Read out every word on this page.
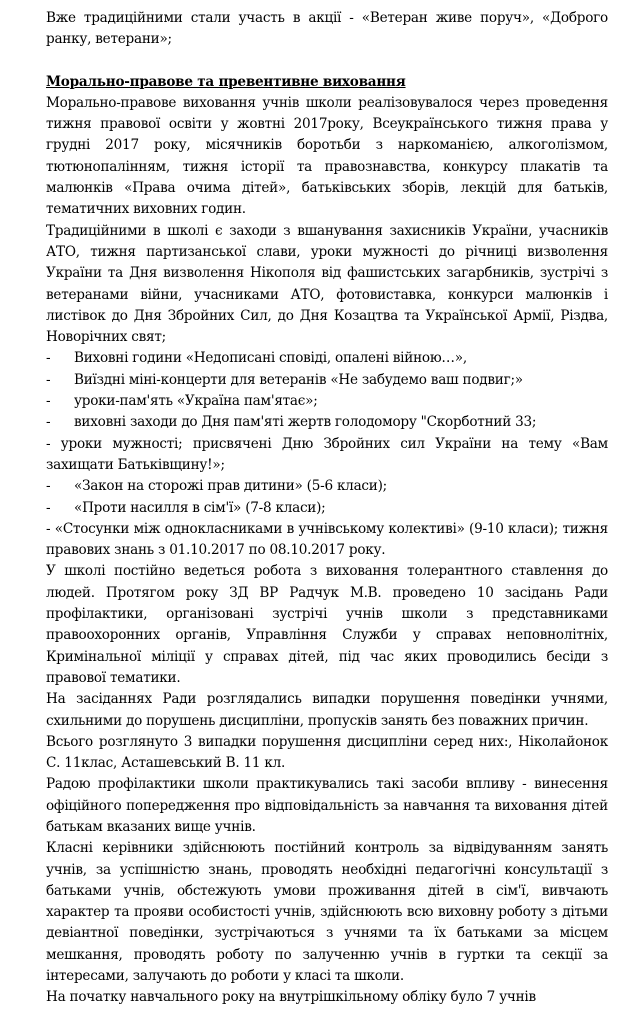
Вже традиційними стали участь в акції - «Ветеран живе поруч», «Доброго ранку, ветерани»;

Морально-правове та превентивне виховання

Морально-правове виховання учнів школи реалізовувалося через проведення тижня правової освіти у жовтні 2017року, Всеукраїнського тижня права у грудні 2017 року, місячників боротьби з наркоманією, алкоголізмом, тютюнопалінням, тижня історії та правознавства, конкурсу плакатів та малюнків «Права очима дітей», батьківських зборів, лекцій для батьків, тематичних виховних годин.

Традиційними в школі є заходи з вшанування захисників України, учасників АТО, тижня партизанської слави, уроки мужності до річниці визволення України та Дня визволення Нікополя від фашистських загарбників, зустрічі з ветеранами війни, учасниками АТО, фотовиставка, конкурси малюнків і листівок до Дня Збройних Сил, до Дня Козацтва та Української Армії, Різдва, Новорічних свят;

-	Виховні години «Недописані сповіді, опалені війною…»,
-	Виїздні міні-концерти для ветеранів «Не забудемо ваш подвиг;»
-	уроки-пам'ять «Україна пам'ятає»;
-	виховні заходи до Дня пам'яті жертв голодомору "Скорботний 33;

- уроки мужності; присвячені Дню Збройних сил України на тему «Вам захищати Батьківщину!»;

-	«Закон на сторожі прав дитини» (5-6 класи);
-	«Проти насилля в сім'ї» (7-8 класи);

- «Стосунки між однокласниками в учнівському колективі» (9-10 класи); тижня правових знань з 01.10.2017 по 08.10.2017 року.

У школі постійно ведеться робота з виховання толерантного ставлення до людей. Протягом року ЗД ВР Радчук М.В. проведено 10 засідань Ради профілактики, організовані зустрічі учнів школи з представниками правоохоронних органів, Управління Служби у справах неповнолітніх, Кримінальної міліції у справах дітей, під час яких проводились бесіди з правової тематики.

На засіданнях Ради розглядались випадки порушення поведінки учнями, схильними до порушень дисципліни, пропусків занять без поважних причин.

Всього розглянуто 3 випадки порушення дисципліни серед них:, Ніколайонок С. 11клас, Асташевський В. 11 кл.

Радою профілактики школи практикувались такі засоби впливу - винесення офіційного попередження про відповідальність за навчання та виховання дітей батькам вказаних вище учнів.

Класні керівники здійснюють постійний контроль за відвідуванням занять учнів, за успішністю знань, проводять необхідні педагогічні консультації з батьками учнів, обстежують умови проживання дітей в сім'ї, вивчають характер та прояви особистості учнів, здійснюють всю виховну роботу з дітьми девіантної поведінки, зустрічаються з учнями та їх батьками за місцем мешкання, проводять роботу по залученню учнів в гуртки та секції за інтересами, залучають до роботи у класі та школи.

На початку навчального року на внутрішкільному обліку було 7 учнів
